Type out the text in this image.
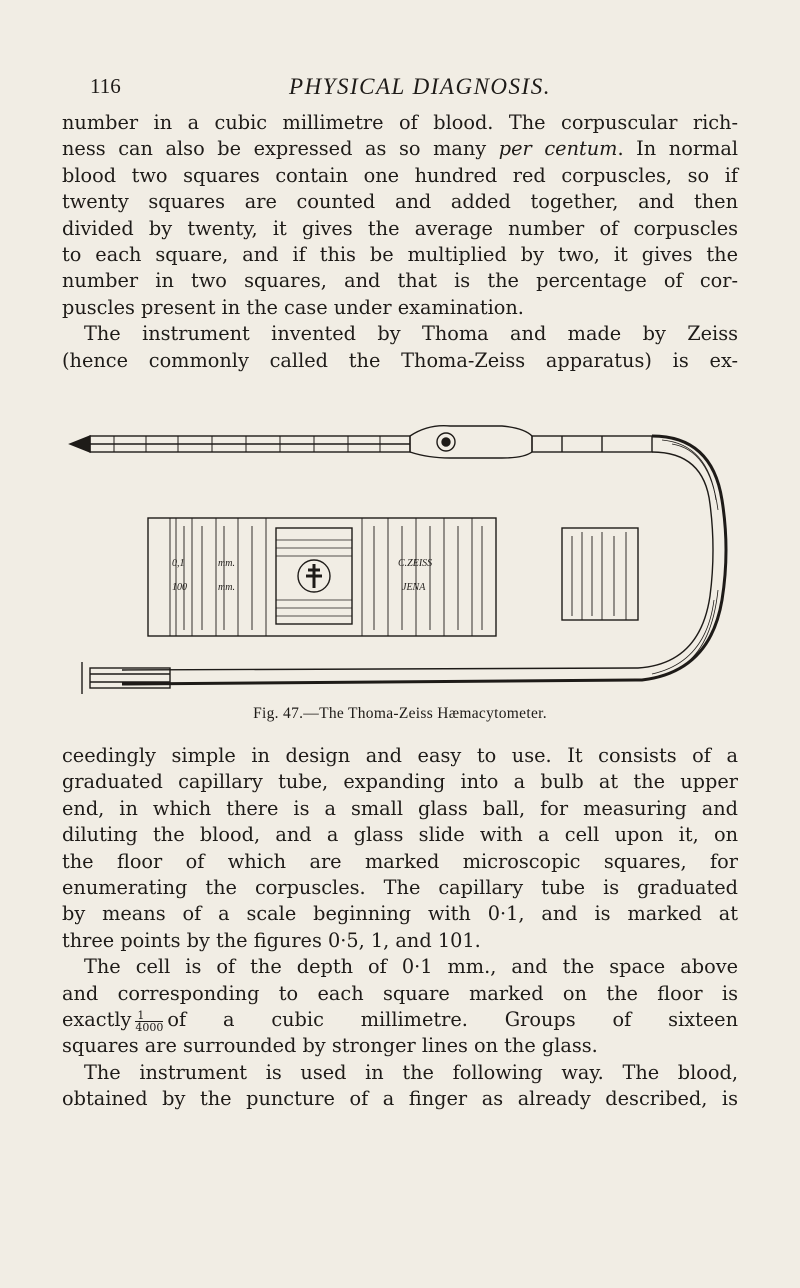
116	PHYSICAL DIAGNOSIS.
number in a cubic millimetre of blood. The corpuscular rich-
ness can also be expressed as so many per centum. In normal
blood two squares contain one hundred red corpuscles, so if
twenty squares are counted and added together, and then
divided by twenty, it gives the average number of corpuscles
to each square, and if this be multiplied by two, it gives the
number in two squares, and that is the percentage of cor-
puscles present in the case under examination.
The instrument invented by Thoma and made by Zeiss
(hence commonly called the Thoma-Zeiss apparatus) is ex-
0,1
100
mm.
mm.
C.ZEISS
JENA
Fig. 47.—The Thoma-Zeiss Hæmacytometer.
ceedingly simple in design and easy to use. It consists of a
graduated capillary tube, expanding into a bulb at the upper
end, in which there is a small glass ball, for measuring and
diluting the blood, and a glass slide with a cell upon it, on
the floor of which are marked microscopic squares, for
enumerating the corpuscles. The capillary tube is graduated
by means of a scale beginning with 0·1, and is marked at
three points by the figures 0·5, 1, and 101.
The cell is of the depth of 0·1 mm., and the space above
and corresponding to each square marked on the floor is
exactly $\frac{1}{4000}$ of a cubic millimetre. Groups of sixteen
squares are surrounded by stronger lines on the glass.
The instrument is used in the following way. The blood,
obtained by the puncture of a finger as already described, is
